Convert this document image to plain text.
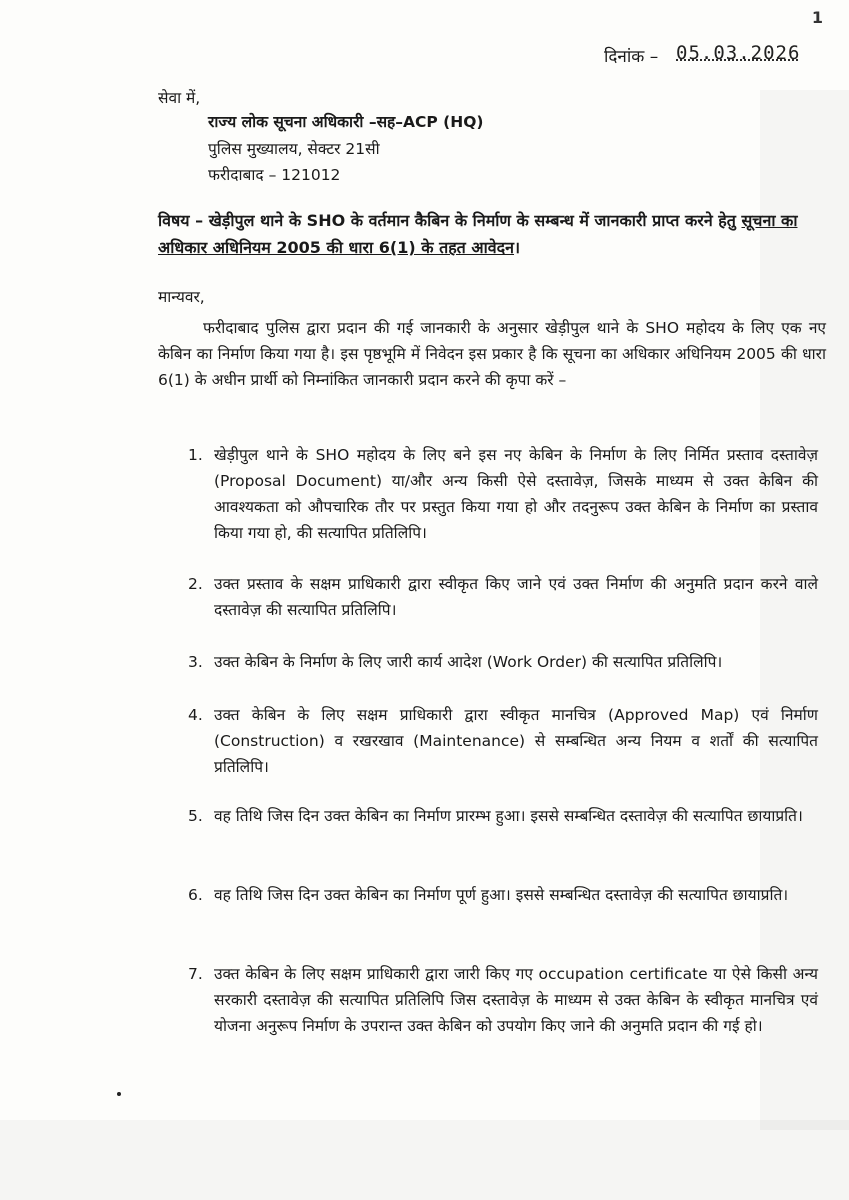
1
दिनांक – 05.03.2026
सेवा में,
राज्य लोक सूचना अधिकारी –सह–ACP (HQ)
पुलिस मुख्यालय, सेक्टर 21सी
फरीदाबाद – 121012
विषय – खेड़ीपुल थाने के SHO के वर्तमान कैबिन के निर्माण के सम्बन्ध में जानकारी प्राप्त करने हेतु सूचना का अधिकार अधिनियम 2005 की धारा 6(1) के तहत आवेदन।
मान्यवर,
फरीदाबाद पुलिस द्वारा प्रदान की गई जानकारी के अनुसार खेड़ीपुल थाने के SHO महोदय के लिए एक नए केबिन का निर्माण किया गया है। इस पृष्ठभूमि में निवेदन इस प्रकार है कि सूचना का अधिकार अधिनियम 2005 की धारा 6(1) के अधीन प्रार्थी को निम्नांकित जानकारी प्रदान करने की कृपा करें –
1. खेड़ीपुल थाने के SHO महोदय के लिए बने इस नए केबिन के निर्माण के लिए निर्मित प्रस्ताव दस्तावेज़ (Proposal Document) या/और अन्य किसी ऐसे दस्तावेज़, जिसके माध्यम से उक्त केबिन की आवश्यकता को औपचारिक तौर पर प्रस्तुत किया गया हो और तदनुरूप उक्त केबिन के निर्माण का प्रस्ताव किया गया हो, की सत्यापित प्रतिलिपि।
2. उक्त प्रस्ताव के सक्षम प्राधिकारी द्वारा स्वीकृत किए जाने एवं उक्त निर्माण की अनुमति प्रदान करने वाले दस्तावेज़ की सत्यापित प्रतिलिपि।
3. उक्त केबिन के निर्माण के लिए जारी कार्य आदेश (Work Order) की सत्यापित प्रतिलिपि।
4. उक्त केबिन के लिए सक्षम प्राधिकारी द्वारा स्वीकृत मानचित्र (Approved Map) एवं निर्माण (Construction) व रखरखाव (Maintenance) से सम्बन्धित अन्य नियम व शर्तों की सत्यापित प्रतिलिपि।
5. वह तिथि जिस दिन उक्त केबिन का निर्माण प्रारम्भ हुआ। इससे सम्बन्धित दस्तावेज़ की सत्यापित छायाप्रति।
6. वह तिथि जिस दिन उक्त केबिन का निर्माण पूर्ण हुआ। इससे सम्बन्धित दस्तावेज़ की सत्यापित छायाप्रति।
7. उक्त केबिन के लिए सक्षम प्राधिकारी द्वारा जारी किए गए occupation certificate या ऐसे किसी अन्य सरकारी दस्तावेज़ की सत्यापित प्रतिलिपि जिस दस्तावेज़ के माध्यम से उक्त केबिन के स्वीकृत मानचित्र एवं योजना अनुरूप निर्माण के उपरान्त उक्त केबिन को उपयोग किए जाने की अनुमति प्रदान की गई हो।
